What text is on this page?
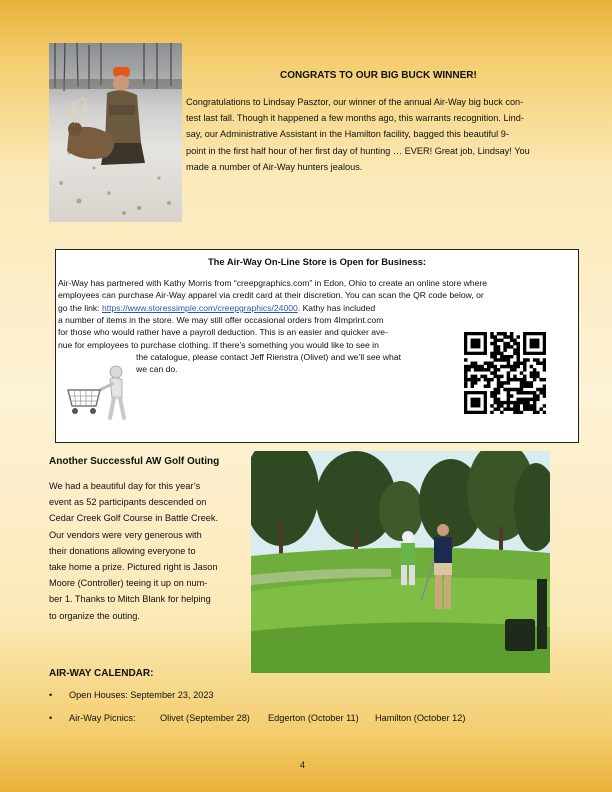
CONGRATS TO OUR BIG BUCK WINNER!

Congratulations to Lindsay Pasztor, our winner of the annual Air-Way big buck con-

test last fall. Though it happened a few months ago, this warrants recognition. Lind-

say, our Administrative Assistant in the Hamilton facility, bagged this beautiful 9-

point in the first half hour of her first day of hunting … EVER! Great job, Lindsay! You

made a number of Air-Way hunters jealous.

The Air-Way On-Line Store is Open for Business:

Air-Way has partnered with Kathy Morris from “creepgraphics.com” in Edon, Ohio to create an online store where

employees can purchase Air-Way apparel via credit card at their discretion. You can scan the QR code below, or

go the link: https://www.storessimple.com/creepgraphics/24000. Kathy has included

a number of items in the store. We may still offer occasional orders from 4Imprint.com

for those who would rather have a payroll deduction. This is an easier and quicker ave-

nue for employees to purchase clothing. If there’s something you would like to see in

the catalogue, please contact Jeff Rienstra (Olivet) and we’ll see what

we can do.

Another Successful AW Golf Outing

We had a beautiful day for this year’s

event as 52 participants descended on

Cedar Creek Golf Course in Battle Creek.

Our vendors were very generous with

their donations allowing everyone to

take home a prize. Pictured right is Jason

Moore (Controller) teeing it up on num-

ber 1. Thanks to Mitch Blank for helping

to organize the outing.

AIR-WAY CALENDAR:
• Open Houses: September 23, 2023
• Air-Way Picnics:	Olivet (September 28) Edgerton (October 11) Hamilton (October 12)
4
